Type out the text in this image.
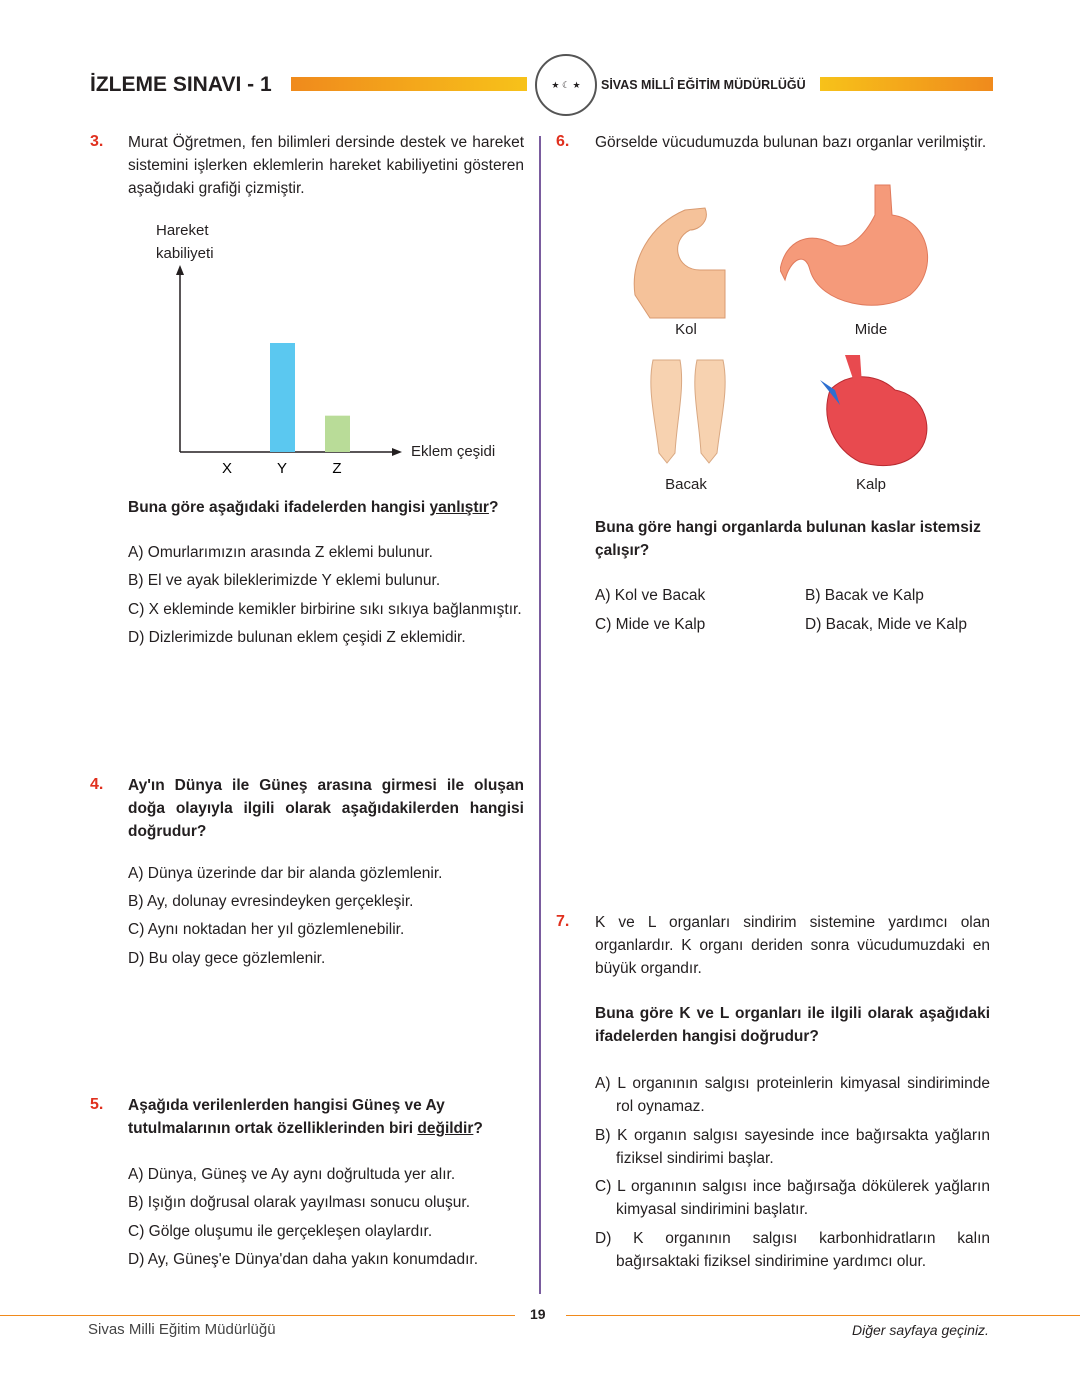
İZLEME SINAVI - 1	★ ☾ ★	SİVAS MİLLÎ EĞİTİM MÜDÜRLÜĞÜ
3. Murat Öğretmen, fen bilimleri dersinde destek ve hareket sistemini işlerken eklemlerin hareket kabiliyetini gösteren aşağıdaki grafiği çizmiştir.
Hareket
kabiliyeti
Eklem çeşidi
X	Y	Z
Buna göre aşağıdaki ifadelerden hangisi yanlıştır?
A) Omurlarımızın arasında Z eklemi bulunur.
B) El ve ayak bileklerimizde Y eklemi bulunur.
C) X ekleminde kemikler birbirine sıkı sıkıya bağlanmıştır.
D) Dizlerimizde bulunan eklem çeşidi Z eklemidir.
4. Ay'ın Dünya ile Güneş arasına girmesi ile oluşan doğa olayıyla ilgili olarak aşağıdakilerden hangisi doğrudur?
A) Dünya üzerinde dar bir alanda gözlemlenir.
B) Ay, dolunay evresindeyken gerçekleşir.
C) Aynı noktadan her yıl gözlemlenebilir.
D) Bu olay gece gözlemlenir.
5. Aşağıda verilenlerden hangisi Güneş ve Ay tutulmalarının ortak özelliklerinden biri değildir?
A) Dünya, Güneş ve Ay aynı doğrultuda yer alır.
B) Işığın doğrusal olarak yayılması sonucu oluşur.
C) Gölge oluşumu ile gerçekleşen olaylardır.
D) Ay, Güneş'e Dünya'dan daha yakın konumdadır.
6. Görselde vücudumuzda bulunan bazı organlar verilmiştir.
Kol	Mide
Bacak	Kalp
Buna göre hangi organlarda bulunan kaslar istemsiz çalışır?
A) Kol ve Bacak	B) Bacak ve Kalp
C) Mide ve Kalp	D) Bacak, Mide ve Kalp
7. K ve L organları sindirim sistemine yardımcı olan organlardır. K organı deriden sonra vücudumuzdaki en büyük organdır.
Buna göre K ve L organları ile ilgili olarak aşağıdaki ifadelerden hangisi doğrudur?
A) L organının salgısı proteinlerin kimyasal sindiriminde rol oynamaz.
B) K organın salgısı sayesinde ince bağırsakta yağların fiziksel sindirimi başlar.
C) L organının salgısı ince bağırsağa dökülerek yağların kimyasal sindirimini başlatır.
D) K organının salgısı karbonhidratların kalın bağırsaktaki fiziksel sindirimine yardımcı olur.
19
Sivas Milli Eğitim Müdürlüğü	Diğer sayfaya geçiniz.
